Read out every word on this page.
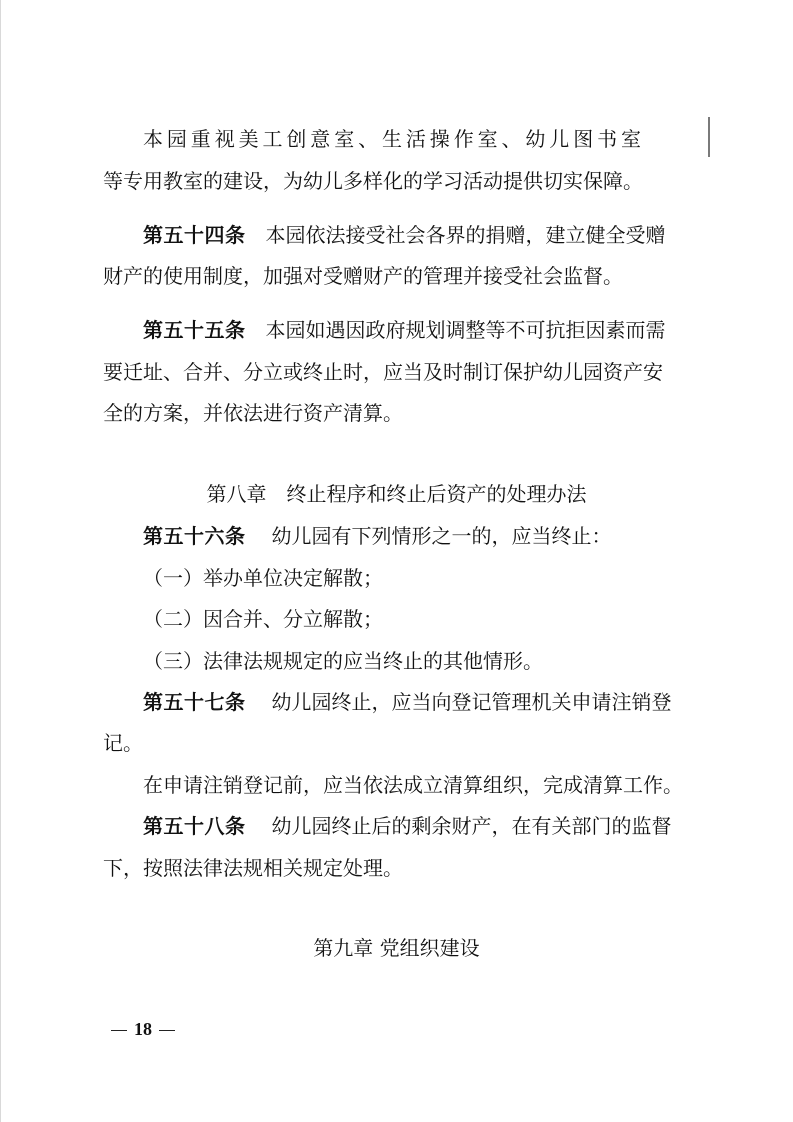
本园重视美工创意室、生活操作室、幼儿图书室
等专用教室的建设，为幼儿多样化的学习活动提供切实保障。
第五十四条 本园依法接受社会各界的捐赠，建立健全受赠
财产的使用制度，加强对受赠财产的管理并接受社会监督。
第五十五条 本园如遇因政府规划调整等不可抗拒因素而需
要迁址、合并、分立或终止时，应当及时制订保护幼儿园资产安
全的方案，并依法进行资产清算。
第八章　终止程序和终止后资产的处理办法
第五十六条 幼儿园有下列情形之一的，应当终止：
（一）举办单位决定解散；
（二）因合并、分立解散；
（三）法律法规规定的应当终止的其他情形。
第五十七条 幼儿园终止，应当向登记管理机关申请注销登
记。
在申请注销登记前，应当依法成立清算组织，完成清算工作。
第五十八条 幼儿园终止后的剩余财产，在有关部门的监督
下，按照法律法规相关规定处理。
第九章 党组织建设
18
